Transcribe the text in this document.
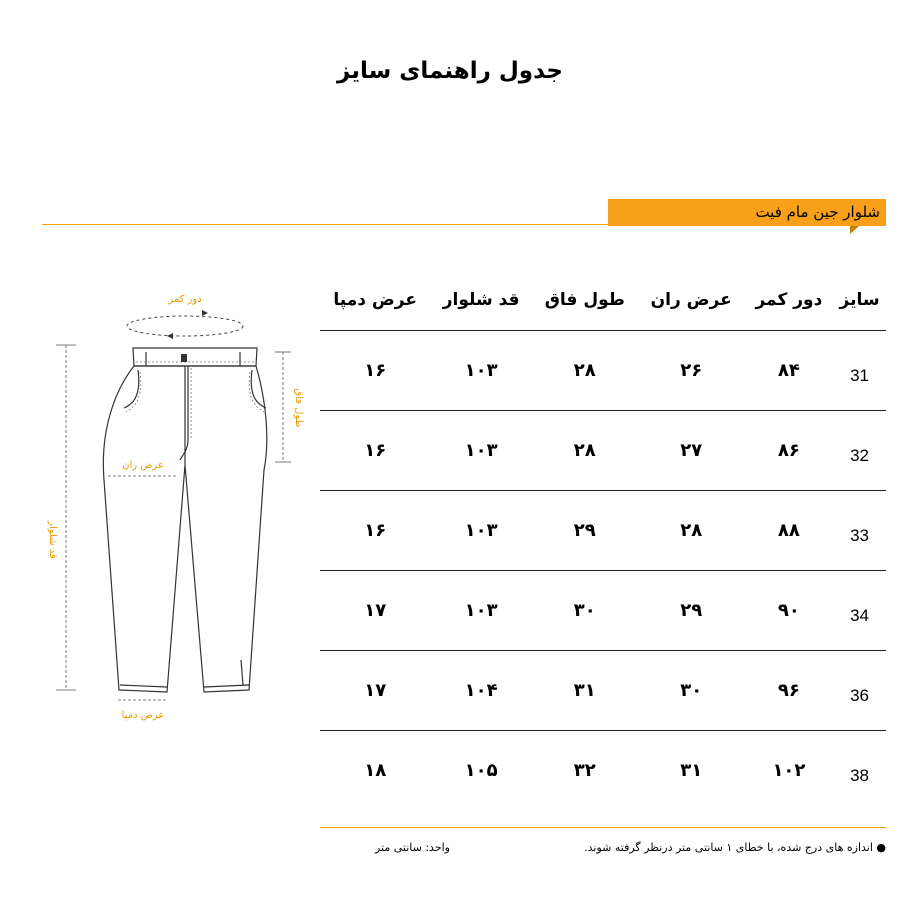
جدول راهنمای سایز
شلوار جین مام فیت
دور کمر
قد شلوار
طول فاق
عرض ران
عرض دمپا
سایز	دور کمر	عرض ران	طول فاق	قد شلوار	عرض دمپا
31	۸۴	۲۶	۲۸	۱۰۳	۱۶
32	۸۶	۲۷	۲۸	۱۰۳	۱۶
33	۸۸	۲۸	۲۹	۱۰۳	۱۶
34	۹۰	۲۹	۳۰	۱۰۳	۱۷
36	۹۶	۳۰	۳۱	۱۰۴	۱۷
38	۱۰۲	۳۱	۳۲	۱۰۵	۱۸
● اندازه های درج شده، با خطای ۱ سانتی متر درنظر گرفته شوند.
واحد: سانتی متر
